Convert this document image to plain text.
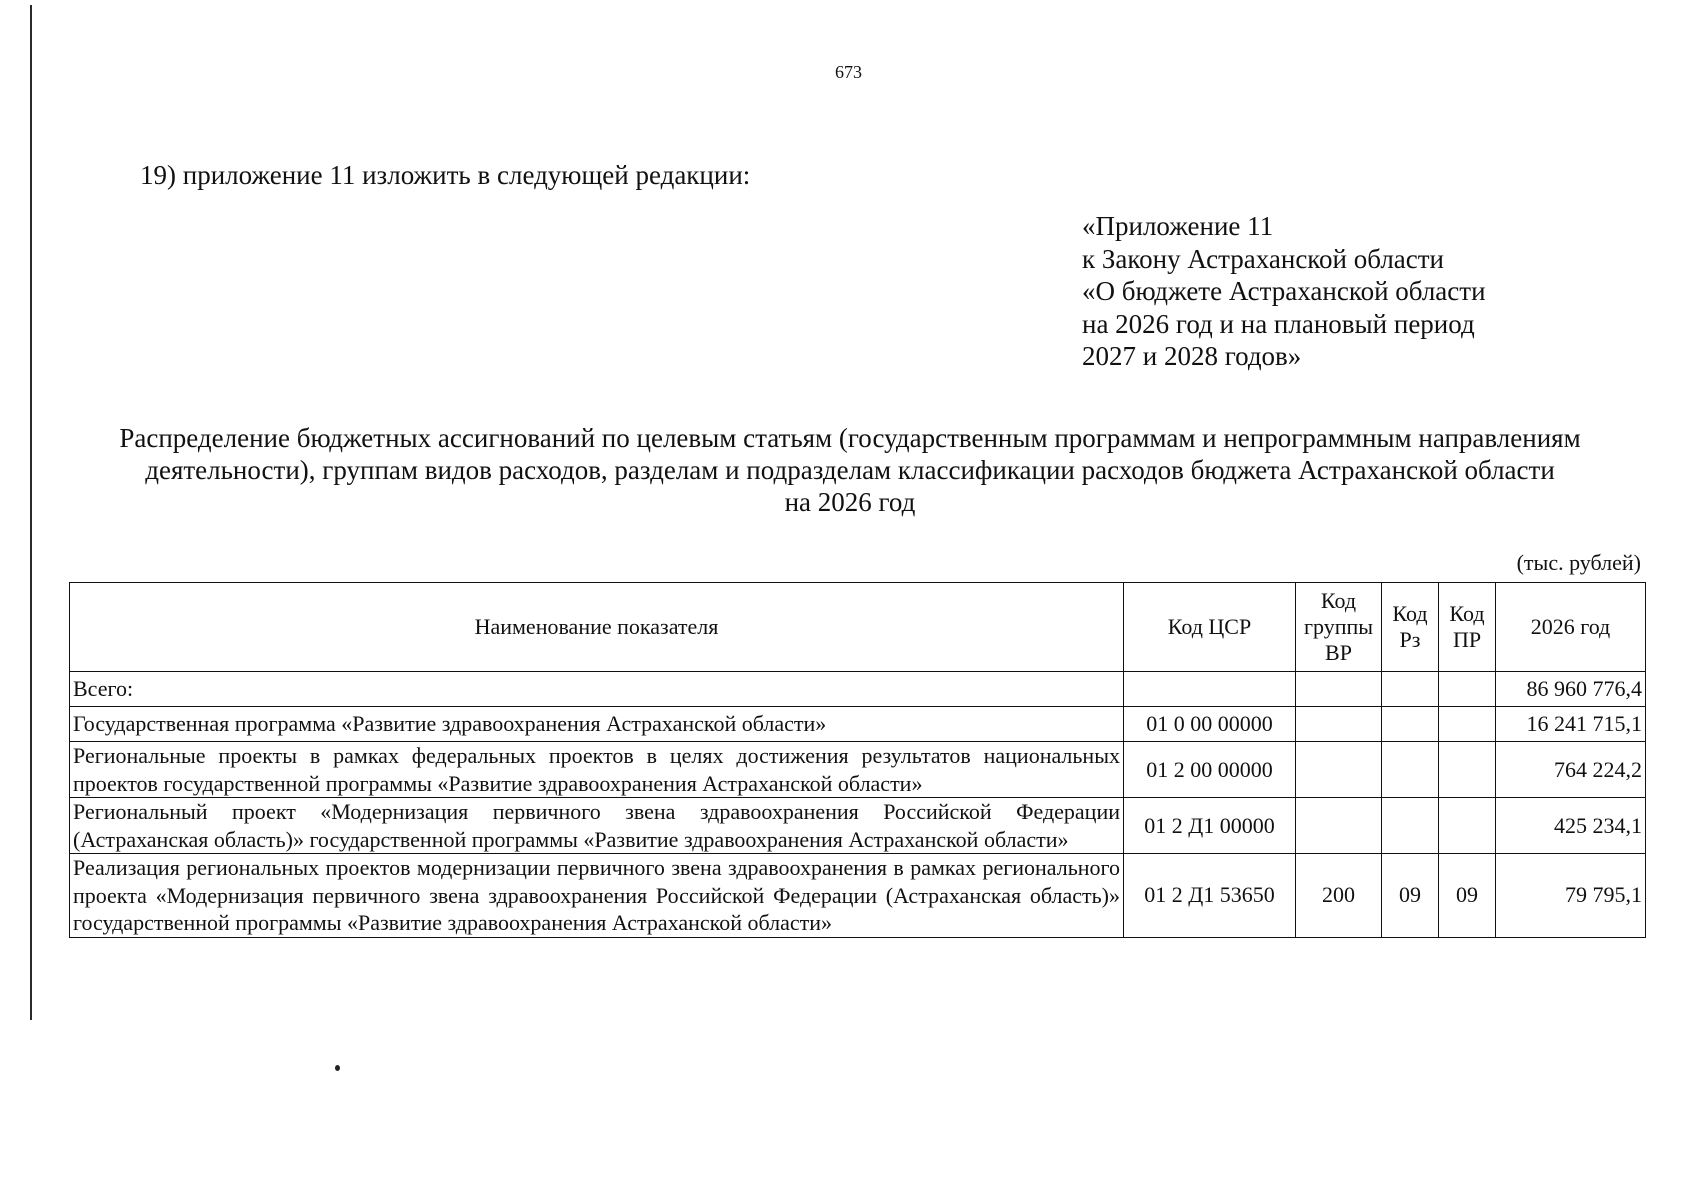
673
19) приложение 11 изложить в следующей редакции:
«Приложение 11
к Закону Астраханской области
«О бюджете Астраханской области
на 2026 год и на плановый период
2027 и 2028 годов»
Распределение бюджетных ассигнований по целевым статьям (государственным программам и непрограммным направлениям
деятельности), группам видов расходов, разделам и подразделам классификации расходов бюджета Астраханской области
на 2026 год
(тыс. рублей)
Наименование показателя	Код ЦСР	Код группы ВР	Код Рз	Код ПР	2026 год
Всего:					86 960 776,4
Государственная программа «Развитие здравоохранения Астраханской области»	01 0 00 00000				16 241 715,1
Региональные проекты в рамках федеральных проектов в целях достижения результатов национальных проектов государственной программы «Развитие здравоохранения Астраханской области»	01 2 00 00000				764 224,2
Региональный проект «Модернизация первичного звена здравоохранения Российской Федерации (Астраханская область)» государственной программы «Развитие здравоохранения Астраханской области»	01 2 Д1 00000				425 234,1
Реализация региональных проектов модернизации первичного звена здравоохранения в рамках регионального проекта «Модернизация первичного звена здравоохранения Российской Федерации (Астраханская область)» государственной программы «Развитие здравоохранения Астраханской области»	01 2 Д1 53650	200	09	09	79 795,1
